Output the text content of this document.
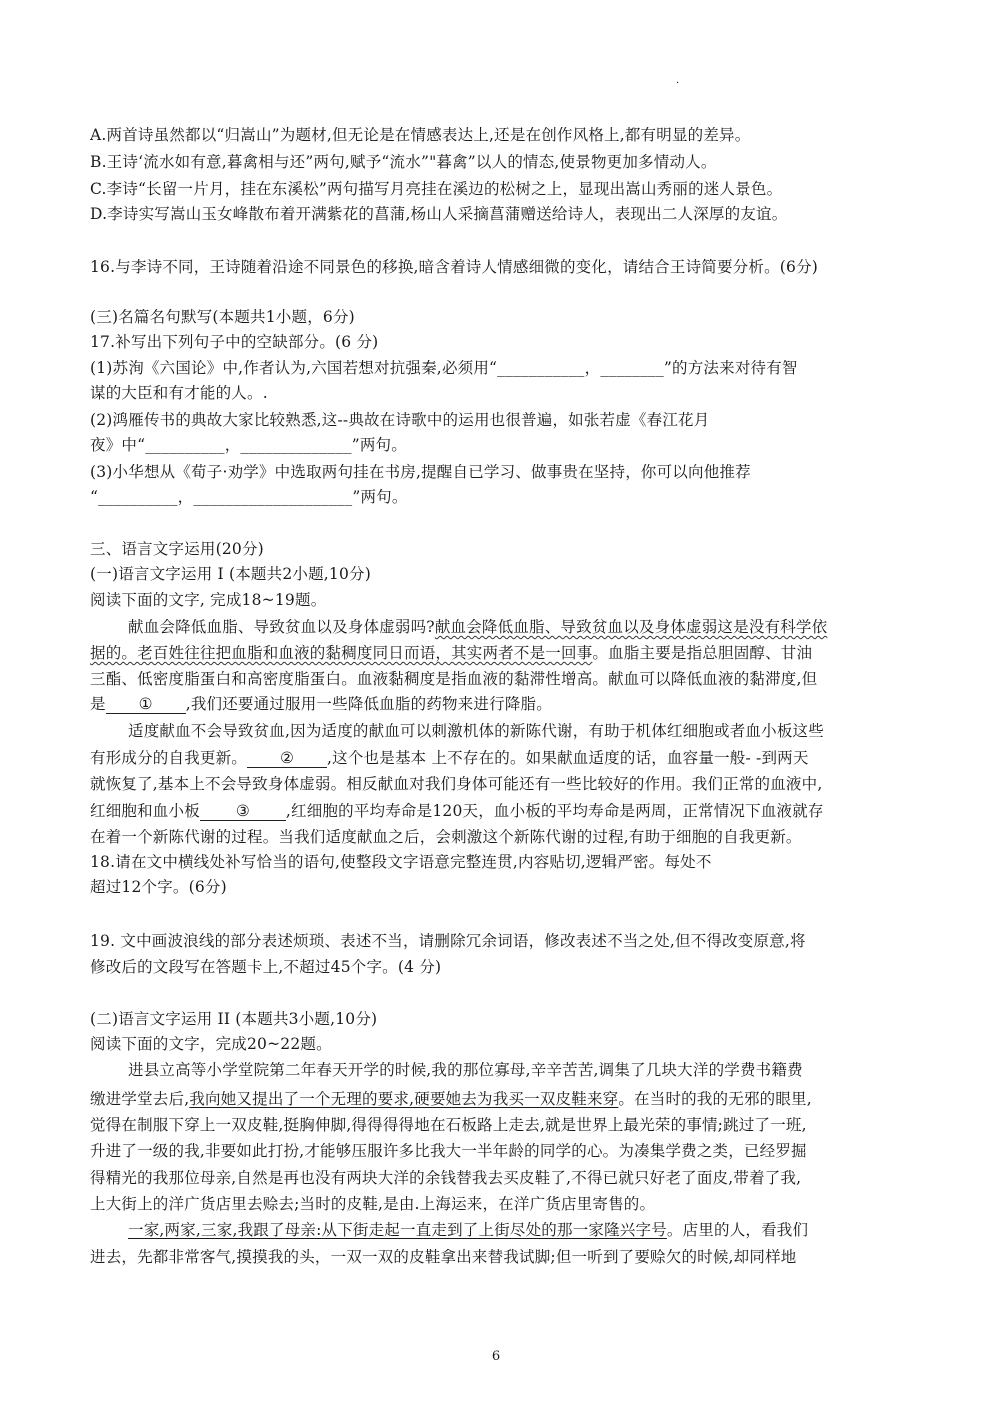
·
A.两首诗虽然都以“归嵩山”为题材,但无论是在情感表达上,还是在创作风格上,都有明显的差异。
B.王诗‘流水如有意,暮禽相与还”两句,赋予“流水”"暮禽”以人的情态,使景物更加多情动人。
C.李诗“长留一片月，挂在东溪松”两句描写月亮挂在溪边的松树之上，显现出嵩山秀丽的迷人景色。
D.李诗实写嵩山玉女峰散布着开满紫花的菖蒲,杨山人采摘菖蒲赠送给诗人，表现出二人深厚的友谊。
16.与李诗不同，王诗随着沿途不同景色的移换,暗含着诗人情感细微的变化，请结合王诗简要分析。(6分)
(三)名篇名句默写(本题共1小题，6分)
17.补写出下列句子中的空缺部分。(6 分)
(1)苏洵《六国论》中,作者认为,六国若想对抗强秦,必须用“___________，________”的方法来对待有智
谋的大臣和有才能的人。.
(2)鸿雁传书的典故大家比较熟悉,这--典故在诗歌中的运用也很普遍，如张若虚《春江花月
夜》中“__________，______________”两句。
(3)小华想从《荀子·劝学》中选取两句挂在书房,提醒自已学习、做事贵在坚持，你可以向他推荐
“__________，____________________”两句。
三、语言文字运用(20分)
(一)语言文字运用 I (本题共2小题,10分)
阅读下面的文字, 完成18~19题。
献血会降低血脂、导致贫血以及身体虚弱吗?献血会降低血脂、导致贫血以及身体虚弱这是没有科学依
据的。老百姓往往把血脂和血液的黏稠度同日而语，其实两者不是一回事。血脂主要是指总胆固醇、甘油
三酯、低密度脂蛋白和高密度脂蛋白。血液黏稠度是指血液的黏滞性增高。献血可以降低血液的黏滞度,但
是 ① ,我们还要通过服用一些降低血脂的药物来进行降脂。
适度献血不会导致贫血,因为适度的献血可以刺激机体的新陈代谢，有助于机体红细胞或者血小板这些
有形成分的自我更新。 ② ,这个也是基本 上不存在的。如果献血适度的话，血容量一般- -到两天
就恢复了,基本上不会导致身体虚弱。相反献血对我们身体可能还有一些比较好的作用。我们正常的血液中,
红细胞和血小板 ③ ,红细胞的平均寿命是120天，血小板的平均寿命是两周，正常情况下血液就存
在着一个新陈代谢的过程。当我们适度献血之后，会刺激这个新陈代谢的过程,有助于细胞的自我更新。
18.请在文中横线处补写恰当的语句,使整段文字语意完整连贯,内容贴切,逻辑严密。每处不
超过12个字。(6分)
19. 文中画波浪线的部分表述烦琐、表述不当，请删除冗余词语，修改表述不当之处,但不得改变原意,将
修改后的文段写在答题卡上,不超过45个字。(4 分)
(二)语言文字运用 II (本题共3小题,10分)
阅读下面的文字，完成20~22题。
进县立高等小学堂院第二年春天开学的时候,我的那位寡母,辛辛苦苦,调集了几块大洋的学费书籍费
缴进学堂去后,我向她又提出了一个无理的要求,硬要她去为我买一双皮鞋来穿。在当时的我的无邪的眼里,
觉得在制服下穿上一双皮鞋,挺胸伸脚,得得得得地在石板路上走去,就是世界上最光荣的事情;跳过了一班,
升进了一级的我,非要如此打扮,才能够压服许多比我大一半年龄的同学的心。为凑集学费之类，已经罗掘
得精光的我那位母亲,自然是再也没有两块大洋的余钱替我去买皮鞋了,不得已就只好老了面皮,带着了我,
上大街上的洋广货店里去赊去;当时的皮鞋,是由.上海运来，在洋广货店里寄售的。
一家,两家,三家,我跟了母亲:从下街走起一直走到了上街尽处的那一家隆兴字号。店里的人，看我们
进去，先都非常客气,摸摸我的头，一双一双的皮鞋拿出来替我试脚;但一听到了要赊欠的时候,却同样地
6
